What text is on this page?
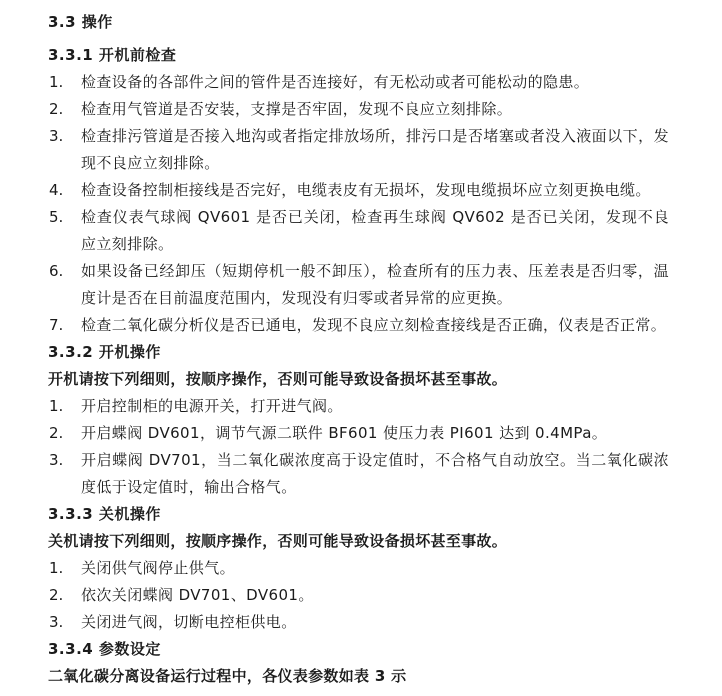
3.3 操作
3.3.1 开机前检查
1. 检查设备的各部件之间的管件是否连接好，有无松动或者可能松动的隐患。
2. 检查用气管道是否安装，支撑是否牢固，发现不良应立刻排除。
3. 检查排污管道是否接入地沟或者指定排放场所，排污口是否堵塞或者没入液面以下，发现不良应立刻排除。
4. 检查设备控制柜接线是否完好，电缆表皮有无损坏，发现电缆损坏应立刻更换电缆。
5. 检查仪表气球阀 QV601 是否已关闭，检查再生球阀 QV602 是否已关闭，发现不良应立刻排除。
6. 如果设备已经卸压（短期停机一般不卸压），检查所有的压力表、压差表是否归零，温度计是否在目前温度范围内，发现没有归零或者异常的应更换。
7. 检查二氧化碳分析仪是否已通电，发现不良应立刻检查接线是否正确，仪表是否正常。
3.3.2 开机操作
开机请按下列细则，按顺序操作，否则可能导致设备损坏甚至事故。
1. 开启控制柜的电源开关，打开进气阀。
2. 开启蝶阀 DV601，调节气源二联件 BF601 使压力表 PI601 达到 0.4MPa。
3. 开启蝶阀 DV701，当二氧化碳浓度高于设定值时，不合格气自动放空。当二氧化碳浓度低于设定值时，输出合格气。
3.3.3 关机操作
关机请按下列细则，按顺序操作，否则可能导致设备损坏甚至事故。
1. 关闭供气阀停止供气。
2. 依次关闭蝶阀 DV701、DV601。
3. 关闭进气阀，切断电控柜供电。
3.3.4 参数设定
二氧化碳分离设备运行过程中，各仪表参数如表 3 示
